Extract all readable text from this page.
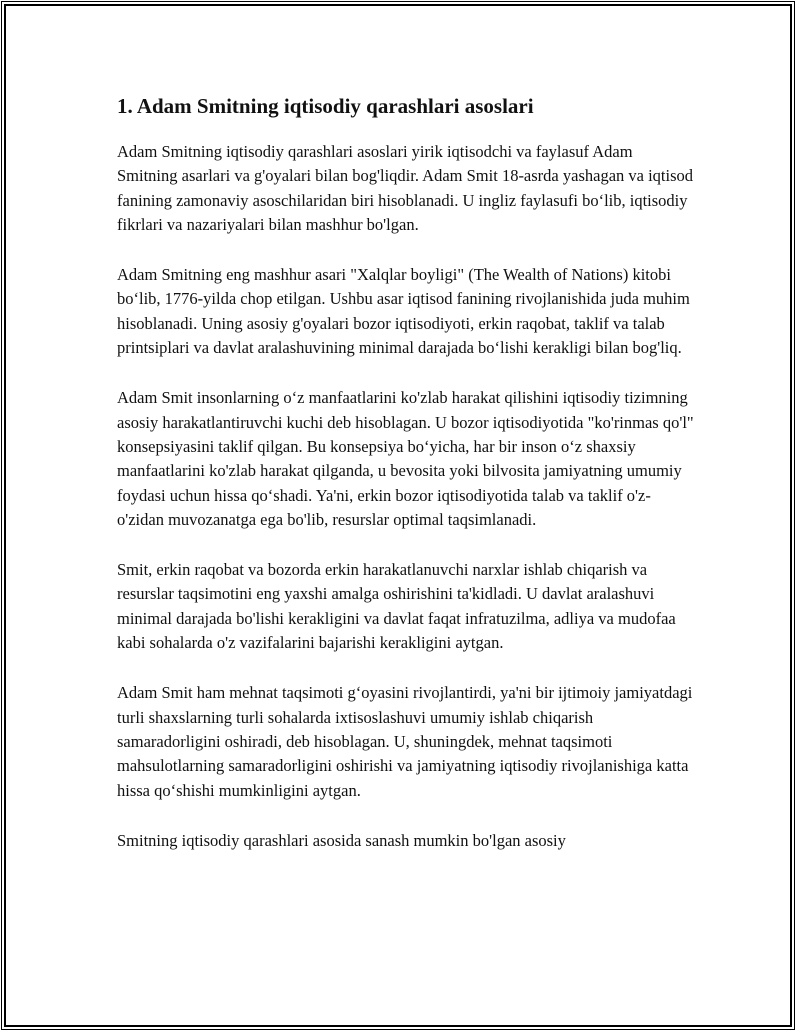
1. Adam Smitning iqtisodiy qarashlari asoslari

Adam Smitning iqtisodiy qarashlari asoslari yirik iqtisodchi va faylasuf Adam Smitning asarlari va g'oyalari bilan bog'liqdir. Adam Smit 18-asrda yashagan va iqtisod fanining zamonaviy asoschilaridan biri hisoblanadi. U ingliz faylasufi bo‘lib, iqtisodiy fikrlari va nazariyalari bilan mashhur bo'lgan.

Adam Smitning eng mashhur asari "Xalqlar boyligi" (The Wealth of Nations) kitobi bo‘lib, 1776-yilda chop etilgan. Ushbu asar iqtisod fanining rivojlanishida juda muhim hisoblanadi. Uning asosiy g'oyalari bozor iqtisodiyoti, erkin raqobat, taklif va talab printsiplari va davlat aralashuvining minimal darajada bo‘lishi kerakligi bilan bog'liq.

Adam Smit insonlarning o‘z manfaatlarini ko'zlab harakat qilishini iqtisodiy tizimning asosiy harakatlantiruvchi kuchi deb hisoblagan. U bozor iqtisodiyotida "ko'rinmas qo'l" konsepsiyasini taklif qilgan. Bu konsepsiya bo‘yicha, har bir inson o‘z shaxsiy manfaatlarini ko'zlab harakat qilganda, u bevosita yoki bilvosita jamiyatning umumiy foydasi uchun hissa qo‘shadi. Ya'ni, erkin bozor iqtisodiyotida talab va taklif o'z-o'zidan muvozanatga ega bo'lib, resurslar optimal taqsimlanadi.

Smit, erkin raqobat va bozorda erkin harakatlanuvchi narxlar ishlab chiqarish va resurslar taqsimotini eng yaxshi amalga oshirishini ta'kidladi. U davlat aralashuvi minimal darajada bo'lishi kerakligini va davlat faqat infratuzilma, adliya va mudofaa kabi sohalarda o'z vazifalarini bajarishi kerakligini aytgan.

Adam Smit ham mehnat taqsimoti g‘oyasini rivojlantirdi, ya'ni bir ijtimoiy jamiyatdagi turli shaxslarning turli sohalarda ixtisoslashuvi umumiy ishlab chiqarish samaradorligini oshiradi, deb hisoblagan. U, shuningdek, mehnat taqsimoti mahsulotlarning samaradorligini oshirishi va jamiyatning iqtisodiy rivojlanishiga katta hissa qo‘shishi mumkinligini aytgan.

Smitning iqtisodiy qarashlari asosida sanash mumkin bo'lgan asosiy
